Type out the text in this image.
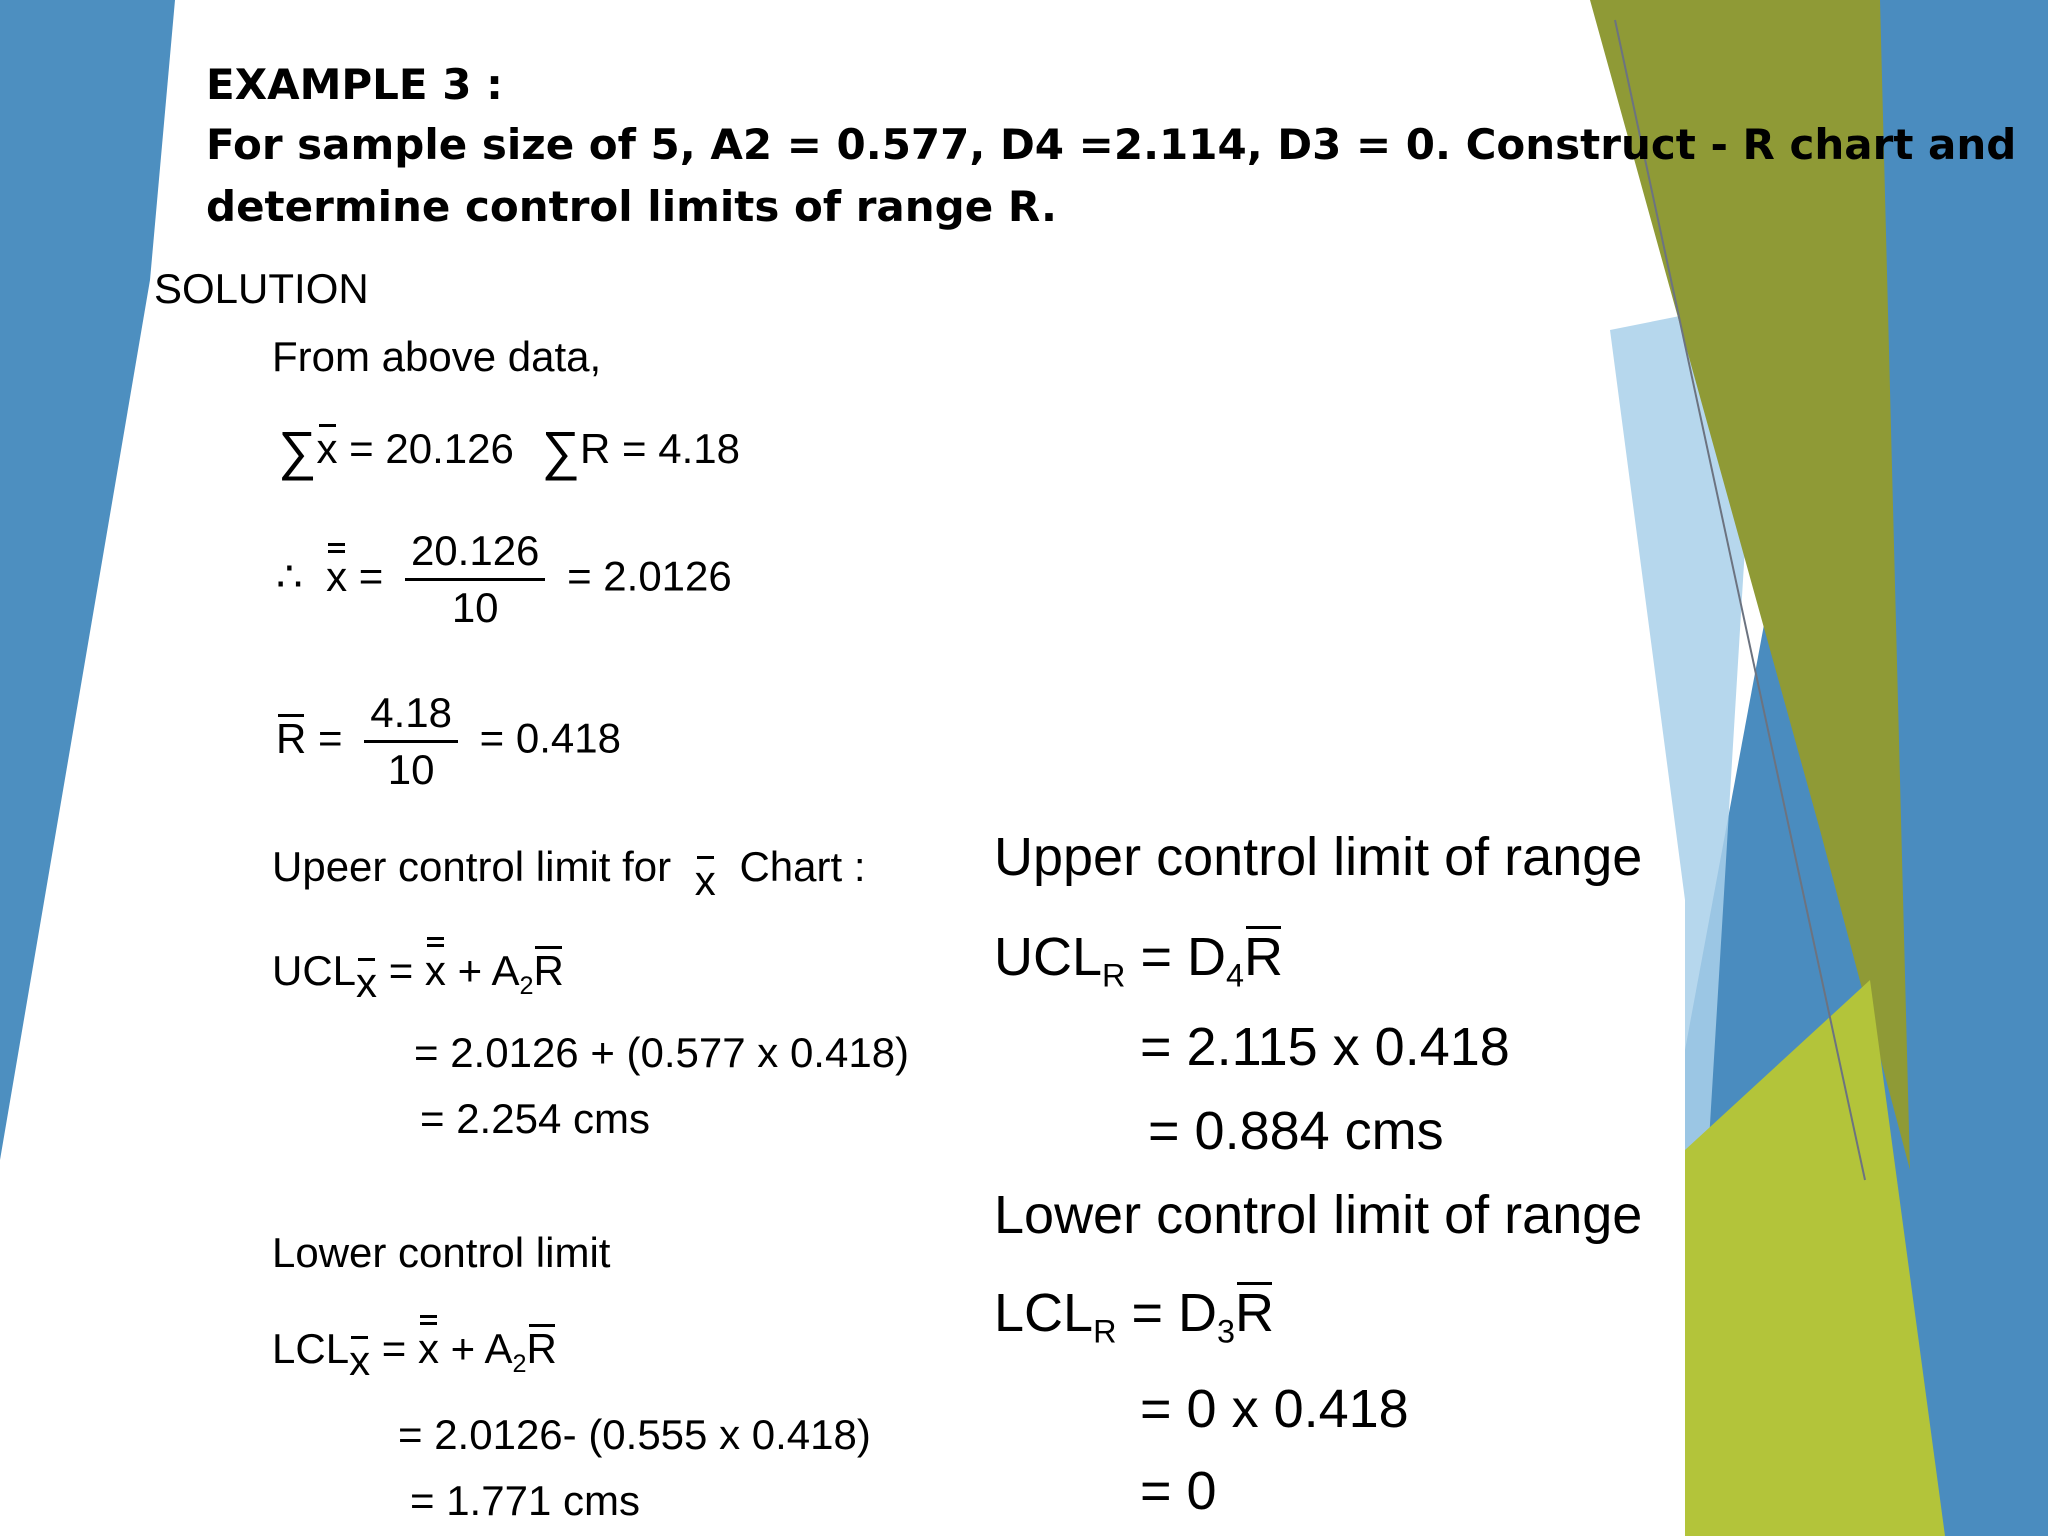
EXAMPLE 3 :
For sample size of 5, A2 = 0.577, D4 =2.114, D3 = 0. Construct - R chart and
determine control limits of range R.
SOLUTION
From above data,
∑x = 20.126 ∑R = 4.18
∴ $x = \frac{20.126}{10} = 2.0126$
$R = \frac{4.18}{10} = 0.418$
Upeer control limit for x Chart :
UCLx = $x + A_2R$
= 2.0126 + (0.577 x 0.418)
= 2.254 cms
Lower control limit
LCLx = $x + A_2R$
= 2.0126- (0.555 x 0.418)
= 1.771 cms
Upper control limit of range
$UCL_R = D_4R$
= 2.115 x 0.418
= 0.884 cms
Lower control limit of range
$LCL_R = D_3R$
= 0 x 0.418
= 0
